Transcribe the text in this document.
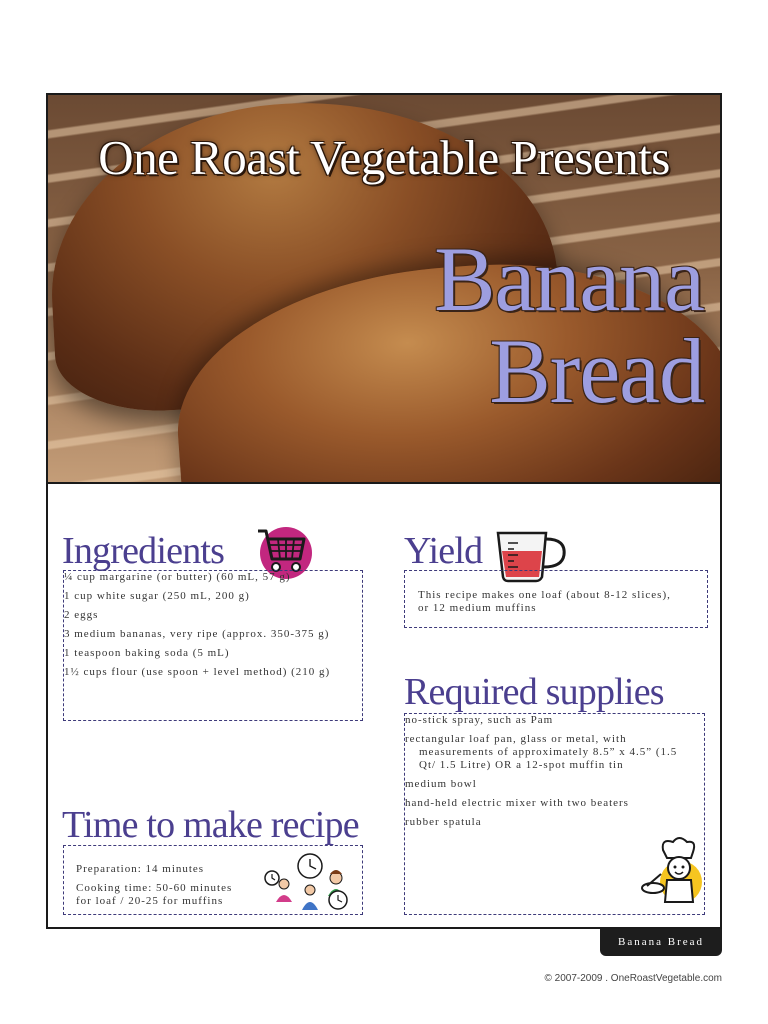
One Roast Vegetable Presents
Banana
Bread
Ingredients
¼ cup margarine (or butter) (60 mL, 57 g)
1 cup white sugar (250 mL, 200 g)
2 eggs
3 medium bananas, very ripe (approx. 350-375 g)
1 teaspoon baking soda (5 mL)
1½ cups flour (use spoon + level method) (210 g)
Yield
This recipe makes one loaf (about 8-12 slices),
or 12 medium muffins
Required supplies
no-stick spray, such as Pam
rectangular loaf pan, glass or metal, with measurements of approximately 8.5” x 4.5” (1.5 Qt/ 1.5 Litre) OR a 12-spot muffin tin
medium bowl
hand-held electric mixer with two beaters
rubber spatula
Time to make recipe
Preparation: 14 minutes
Cooking time: 50-60 minutes
for loaf / 20-25 for muffins
Banana Bread
© 2007-2009 . OneRoastVegetable.com
